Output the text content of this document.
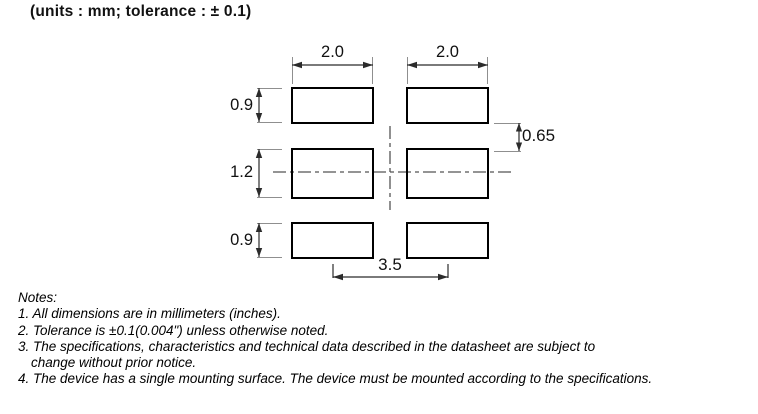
(units : mm; tolerance : ± 0.1)
2.0	2.0
0.9
1.2
0.9
0.65
3.5
Notes:
1. All dimensions are in millimeters (inches).
2. Tolerance is ±0.1(0.004") unless otherwise noted.
3. The specifications, characteristics and technical data described in the datasheet are subject to
change without prior notice.
4. The device has a single mounting surface. The device must be mounted according to the specifications.
